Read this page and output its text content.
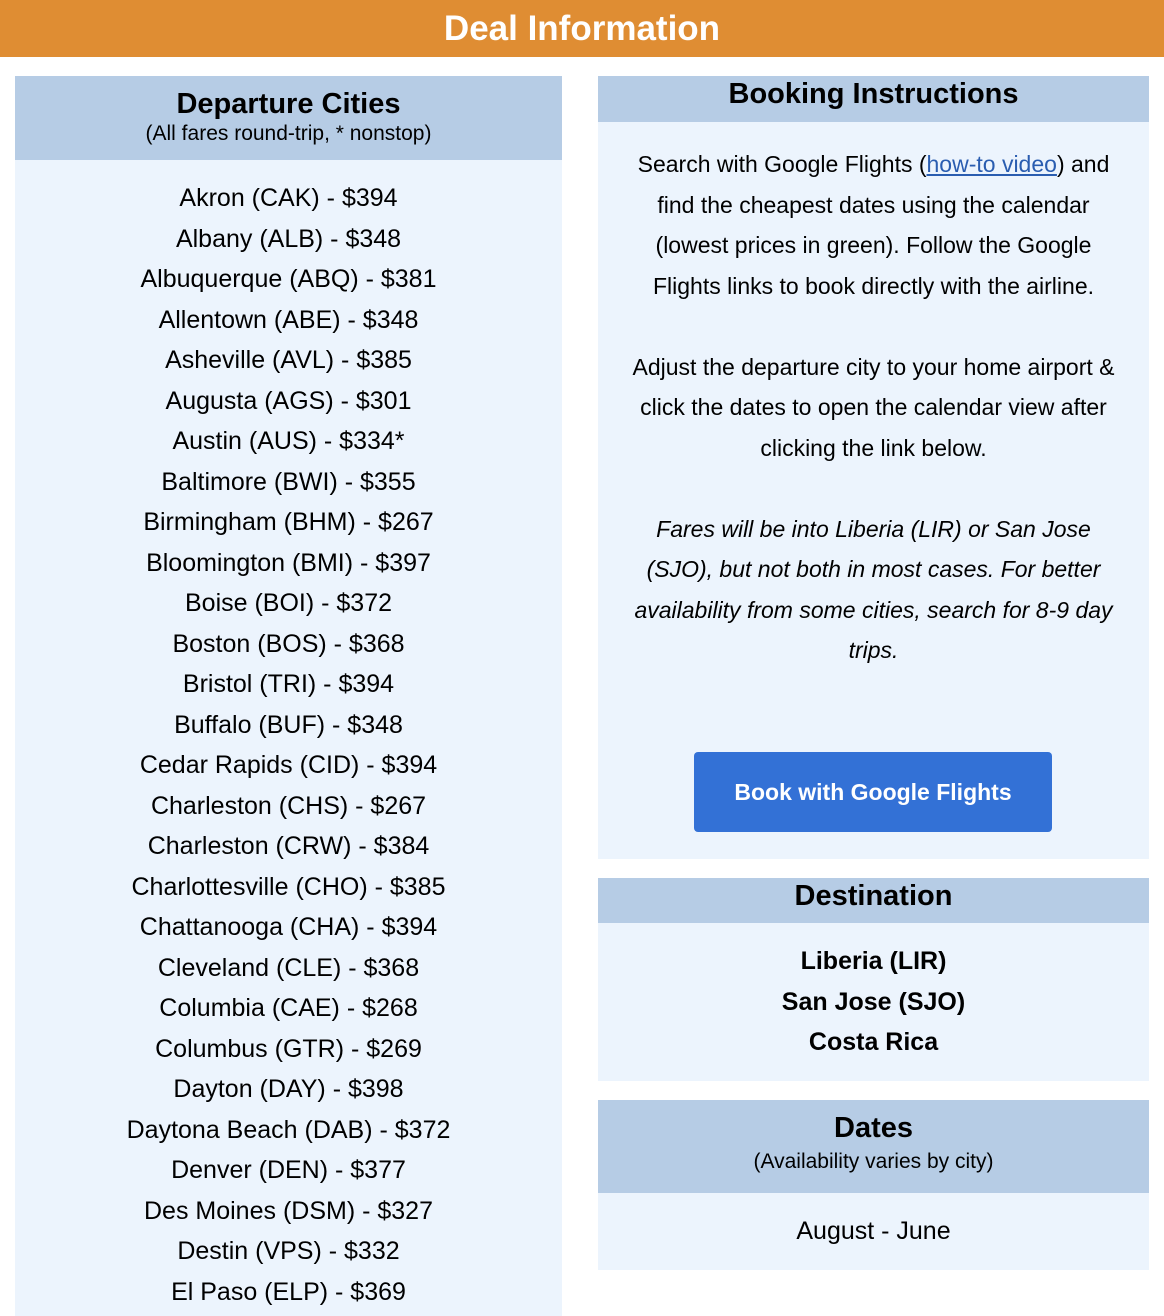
Deal Information
Departure Cities
(All fares round-trip, * nonstop)
Akron (CAK) - $394
Albany (ALB) - $348
Albuquerque (ABQ) - $381
Allentown (ABE) - $348
Asheville (AVL) - $385
Augusta (AGS) - $301
Austin (AUS) - $334*
Baltimore (BWI) - $355
Birmingham (BHM) - $267
Bloomington (BMI) - $397
Boise (BOI) - $372
Boston (BOS) - $368
Bristol (TRI) - $394
Buffalo (BUF) - $348
Cedar Rapids (CID) - $394
Charleston (CHS) - $267
Charleston (CRW) - $384
Charlottesville (CHO) - $385
Chattanooga (CHA) - $394
Cleveland (CLE) - $368
Columbia (CAE) - $268
Columbus (GTR) - $269
Dayton (DAY) - $398
Daytona Beach (DAB) - $372
Denver (DEN) - $377
Des Moines (DSM) - $327
Destin (VPS) - $332
El Paso (ELP) - $369
Booking Instructions

Search with Google Flights (how-to video) and find the cheapest dates using the calendar (lowest prices in green). Follow the Google Flights links to book directly with the airline.

Adjust the departure city to your home airport & click the dates to open the calendar view after clicking the link below.

Fares will be into Liberia (LIR) or San Jose (SJO), but not both in most cases. For better availability from some cities, search for 8-9 day trips.

Book with Google Flights
Destination
Liberia (LIR)
San Jose (SJO)
Costa Rica
Dates
(Availability varies by city)
August - June
